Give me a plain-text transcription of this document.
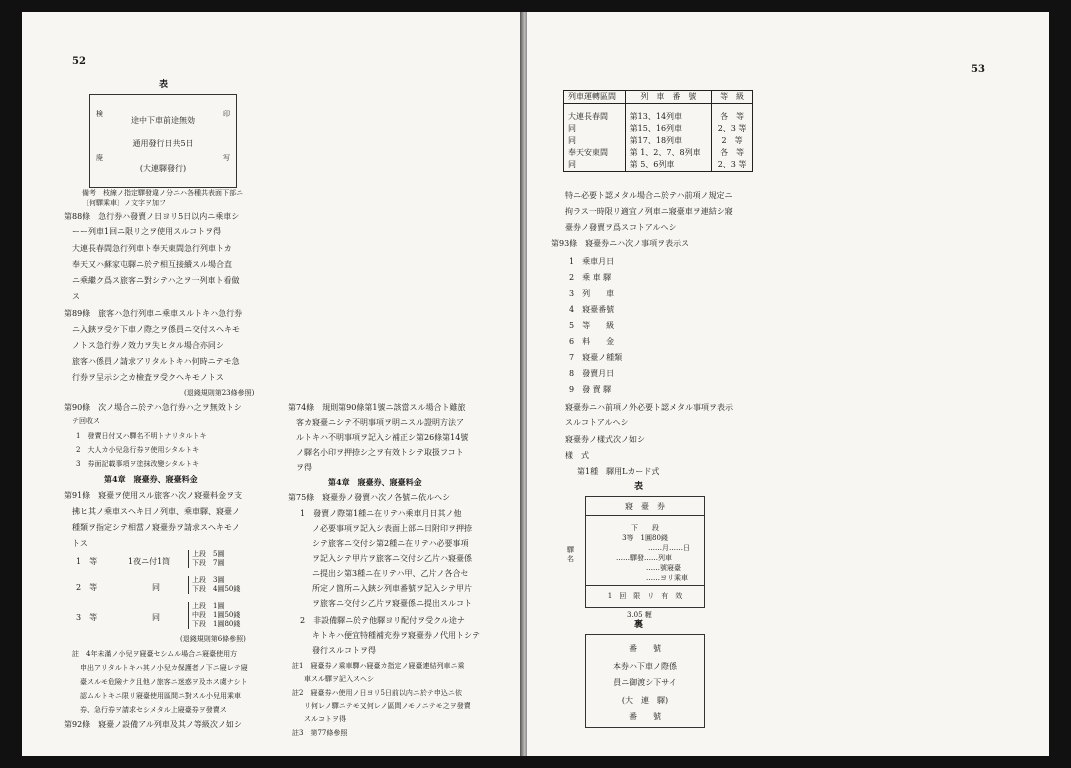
52
表
検	印
途中下車前途無効
通用發行日共5日
廃	写
(大連驛發行)
備考　枝線ノ指定驛發違ノ分ニハ各種共表面下部ニ
〔何驛乘車〕ノ文字ヲ加フ
第88條　急行券ハ發賣ノ日ヨリ5日以内ニ乘車シ
ーー列車1回ニ限リ之ヲ使用スルコトヲ得
大連長春間急行列車ト奉天東間急行列車トカ
奉天又ハ蘇家屯驛ニ於テ相互接續スル場合直
ニ乘繼ク爲ス旅客ニ對シテハ之ヲ一列車ト看做
ス
第89條　旅客ハ急行列車ニ乘車スルトキハ急行券
ニ入鋏ヲ受ケ下車ノ際之ヲ係員ニ交付スヘキモ
ノトス急行券ノ效力ヲ失ヒタル場合亦同シ
旅客ハ係員ノ請求アリタルトキハ何時ニテモ急
行券ヲ呈示シ之カ檢査ヲ受クヘキモノトス
(退錢規則第23條參照)
第90條　次ノ場合ニ於テハ急行券ハ之ヲ無效トシ
テ回收ス
1　發賣日付又ハ驛名不明トナリタルトキ
2　大人カ小兒急行券ヲ使用シタルトキ
3　券面記載事項ヲ塗抹改變シタルトキ
第4章　寢臺券、寢臺料金
第91條　寢臺ヲ使用スル旅客ハ次ノ寢臺料金ヲ支
拂ヒ其ノ乘車スヘキ日ノ列車、乘車驛、寢臺ノ
種類ヲ指定シテ相當ノ寢臺券ヲ請求スヘキモノ
トス
1　等	1夜ニ付1筒
上段　5圓
下段　7圓
2　等	同
上段　3圓
下段　4圓50錢
3　等	同
上段　1圓
中段　1圓50錢
下段　1圓80錢
(退錢規則第6條參照)
註　4年未滿ノ小兒ヲ寢臺セシムル場合ニ寢臺使用方
申出アリタルトキハ其ノ小兒カ保護者ノ下ニ寢レテ寢
臺スルモ危險ナク且他ノ旅客ニ迷惑ヲ及ホス虞ナシト
認ムルトキニ限リ寢臺使用區間ニ對スル小兒用乘車
券、急行券ヲ請求セシメタル上寢臺券ヲ發賣ス
第92條　寢臺ノ設備アル列車及其ノ等級次ノ如シ
第74條　規則第90條第1號ニ該當スル場合ト雖旅
客カ寢臺ニシテ不明事項ヲ明ニスル證明方法ア
ルトキハ不明事項ヲ記入シ補正シ第26條第14號
ノ驛名小印ヲ押捺シ之ヲ有效トシテ取扱フコト
ヲ得
第4章　寢臺券、寢臺料金
第75條　寢臺券ノ發賣ハ次ノ各號ニ依ルヘシ
1　發賣ノ際第1種ニ在リテハ乘車月日其ノ他
ノ必要事項ヲ記入シ表面上部ニ日附印ヲ押捺
シテ旅客ニ交付シ第2種ニ在リテハ必要事項
ヲ記入シテ甲片ヲ旅客ニ交付シ乙片ハ寢臺係
ニ提出シ第3種ニ在リテハ甲、乙片ノ各合セ
所定ノ箇所ニ入鋏シ列車番號ヲ記入シテ甲片
ヲ旅客ニ交付シ乙片ヲ寢臺係ニ提出スルコト
2　非設備驛ニ於テ他驛ヨリ配付ヲ受クル途ナ
キトキハ便宜特種補充券ヲ寢臺券ノ代用トシテ
發行スルコトヲ得
註1　寢臺券ノ乘車驛ハ寢臺カ指定ノ寢臺連結列車ニ乘
車スル驛ヲ記入スヘシ
註2　寢臺券ハ使用ノ日ヨリ5日前以内ニ於テ申込ニ依
リ何レノ驛ニテモ又何レノ區間ノモノニテモ之ヲ發賣
スルコトヲ得
註3　第77條參照
53
列車運轉區間	列　車　番　號	等　級
大連長春間	第13、14列車	各　等
同	第15、16列車	2、3 等
同	第17、18列車	2　等
奉天安東間	第 1、2、7、8列車	各　等
同	第 5、6列車	2、3 等
特ニ必要ト認メタル場合ニ於テハ前項ノ規定ニ
拘ラス一時限リ適宜ノ列車ニ寢臺車ヲ連結シ寢
臺券ノ發賣ヲ爲スコトアルヘシ
第93條　寢臺券ニハ次ノ事項ヲ表示ス
1　乘車月日
2　乘 車 驛
3　列　　車
4　寢臺番號
5　等　　級
6　料　　金
7　寢臺ノ種類
8　發賣月日
9　發 賣 驛
寢臺券ニハ前項ノ外必要ト認メタル事項ヲ表示
スルコトアルヘシ
寢臺券ノ樣式次ノ如シ
樣　式
第1種　驛用Lカード式
表
寢　臺　券
下　　段
3等　1圓80錢
……月……日
……驛發……列車
……號寢臺
……ヨリ乘車
1　回　限　リ　有　效
驛名
3.05 糎
裏
番　　號
本券ハ下車ノ際係
員ニ御渡シ下サイ
(大　連　驛)
番　　號
